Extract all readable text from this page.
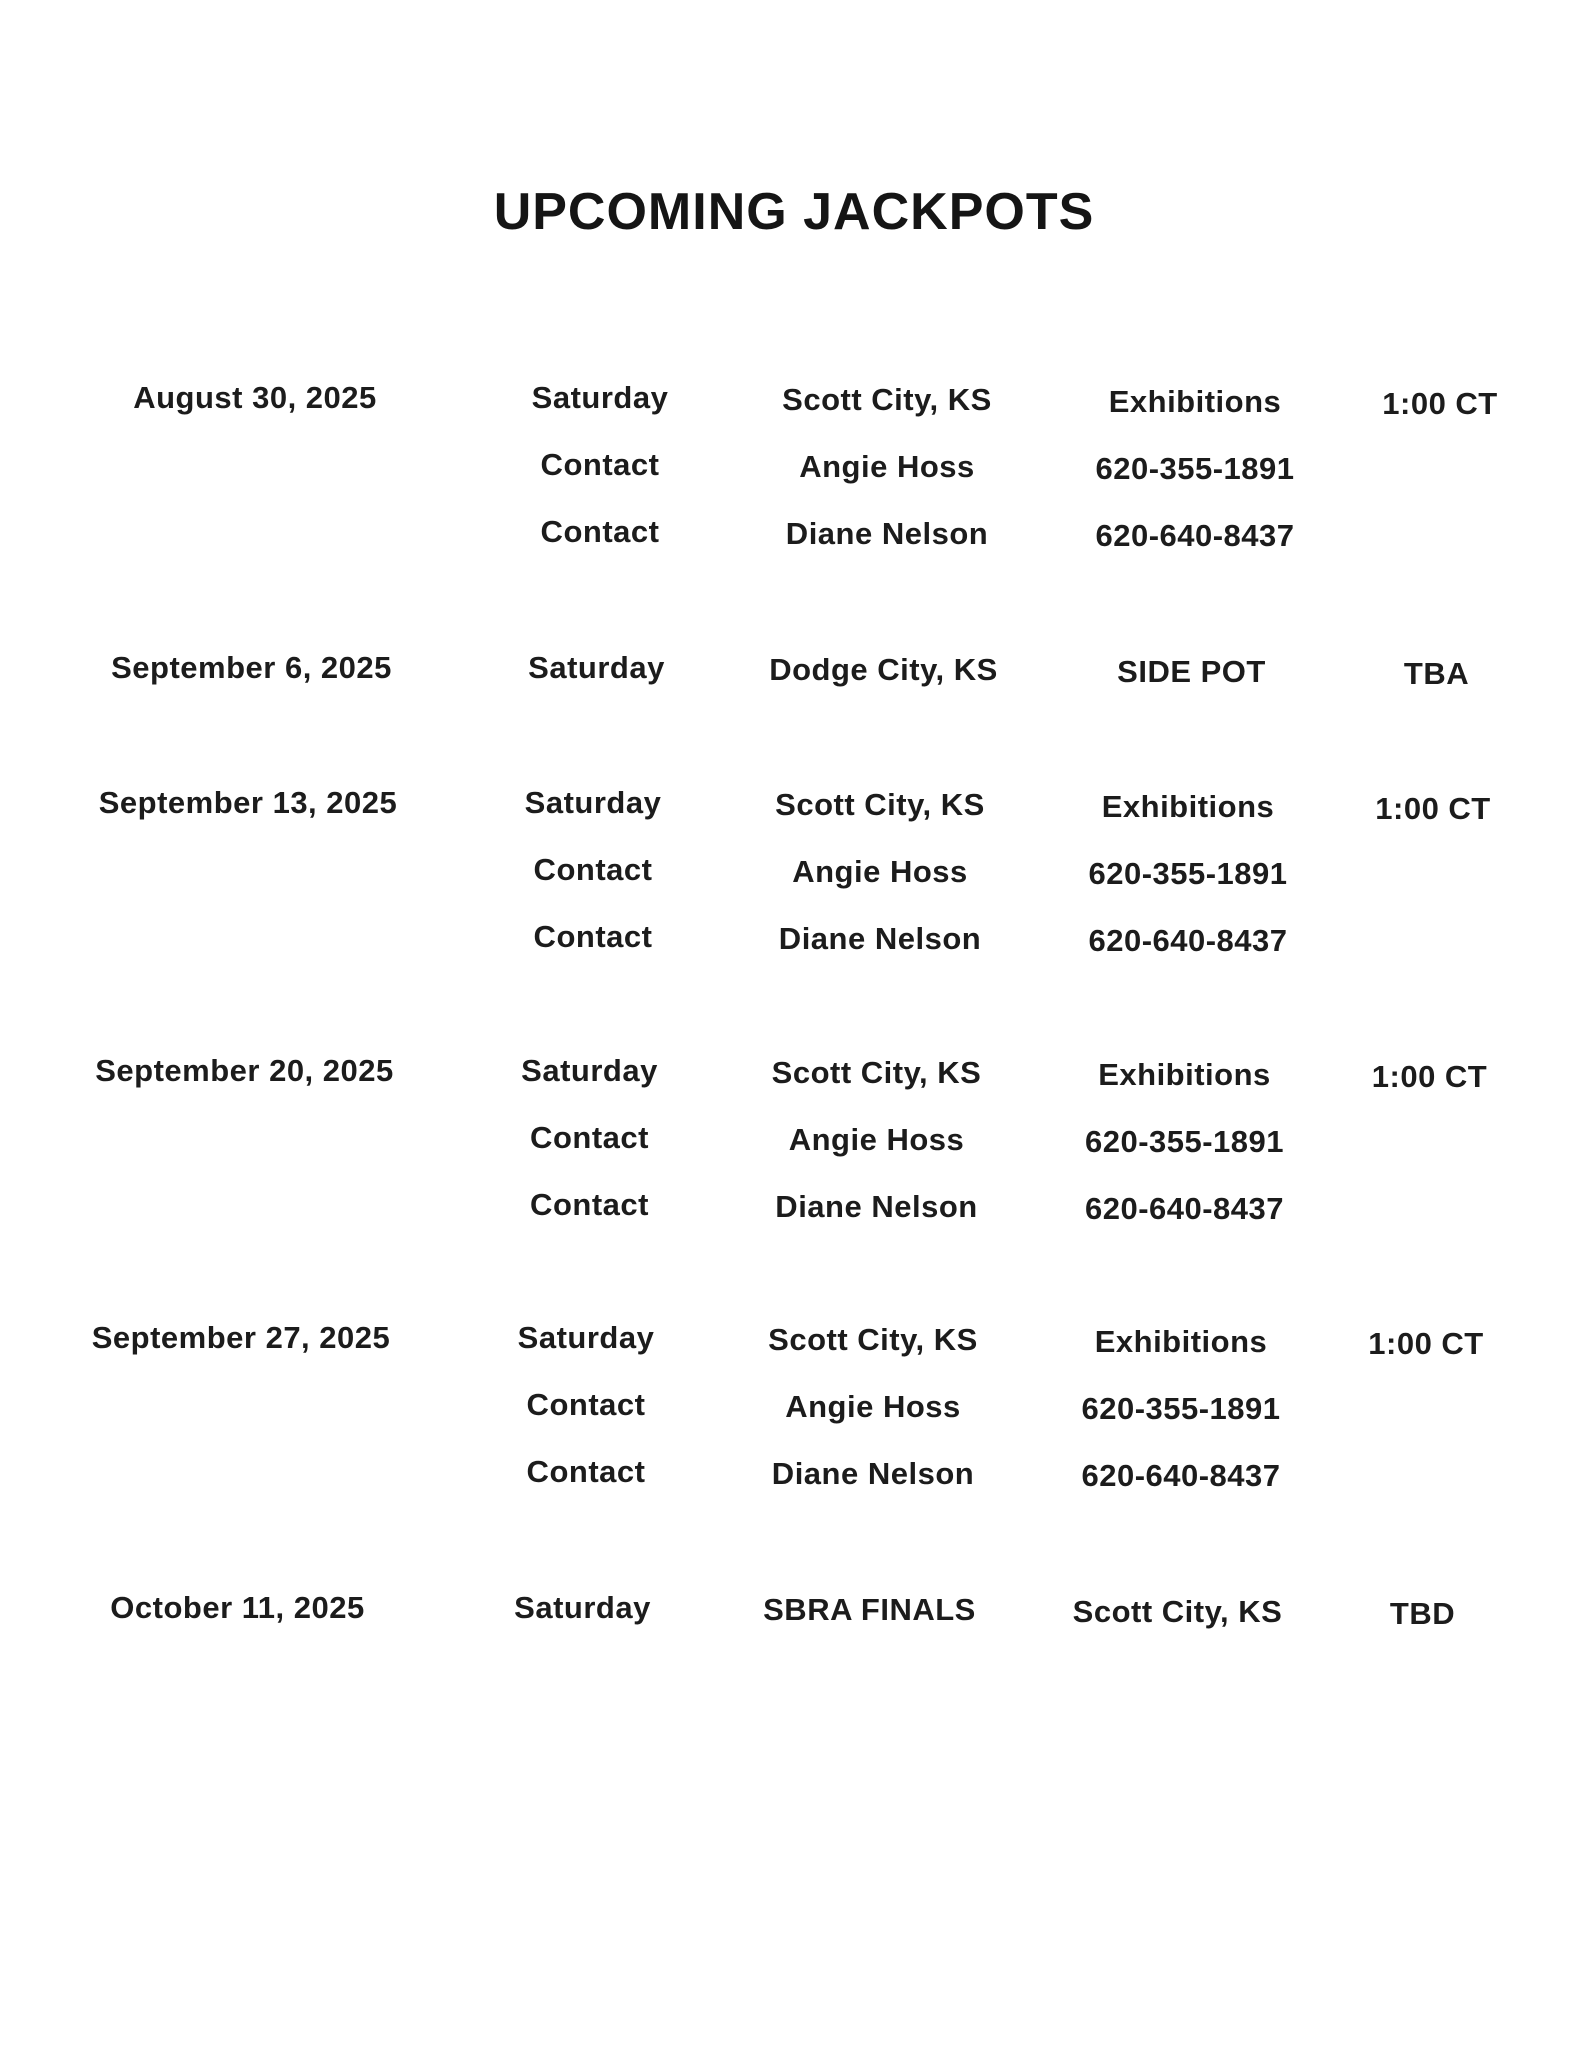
UPCOMING JACKPOTS
August 30, 2025	Saturday	Scott City, KS	Exhibitions	1:00 CT
Contact	Angie Hoss	620-355-1891
Contact	Diane Nelson	620-640-8437
September 6, 2025	Saturday	Dodge City, KS	SIDE POT	TBA
September 13, 2025	Saturday	Scott City, KS	Exhibitions	1:00 CT
Contact	Angie Hoss	620-355-1891
Contact	Diane Nelson	620-640-8437
September 20, 2025	Saturday	Scott City, KS	Exhibitions	1:00 CT
Contact	Angie Hoss	620-355-1891
Contact	Diane Nelson	620-640-8437
September 27, 2025	Saturday	Scott City, KS	Exhibitions	1:00 CT
Contact	Angie Hoss	620-355-1891
Contact	Diane Nelson	620-640-8437
October 11, 2025	Saturday	SBRA FINALS	Scott City, KS	TBD
